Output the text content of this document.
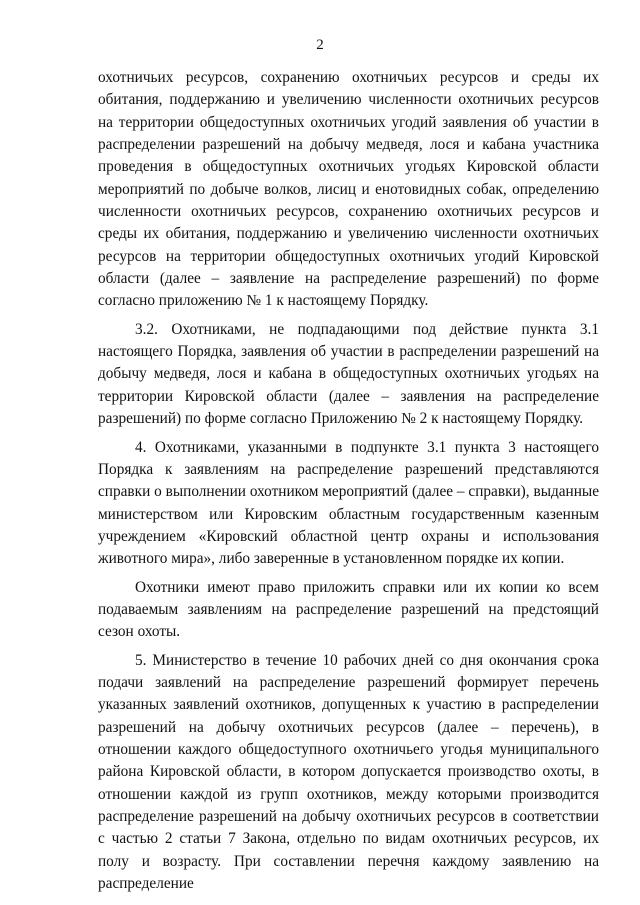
2

охотничьих ресурсов, сохранению охотничьих ресурсов и среды их обитания, поддержанию и увеличению численности охотничьих ресурсов на территории общедоступных охотничьих угодий заявления об участии в распределении разрешений на добычу медведя, лося и кабана участника проведения в общедоступных охотничьих угодьях Кировской области мероприятий по добыче волков, лисиц и енотовидных собак, определению численности охотничьих ресурсов, сохранению охотничьих ресурсов и среды их обитания, поддержанию и увеличению численности охотничьих ресурсов на территории общедоступных охотничьих угодий Кировской области (далее – заявление на распределение разрешений) по форме согласно приложению № 1 к настоящему Порядку.

3.2. Охотниками, не подпадающими под действие пункта 3.1 настоящего Порядка, заявления об участии в распределении разрешений на добычу медведя, лося и кабана в общедоступных охотничьих угодьях на территории Кировской области (далее – заявления на распределение разрешений) по форме согласно Приложению № 2 к настоящему Порядку.

4. Охотниками, указанными в подпункте 3.1 пункта 3 настоящего Порядка к заявлениям на распределение разрешений представляются справки о выполнении охотником мероприятий (далее – справки), выданные министерством или Кировским областным государственным казенным учреждением «Кировский областной центр охраны и использования животного мира», либо заверенные в установленном порядке их копии.

Охотники имеют право приложить справки или их копии ко всем подаваемым заявлениям на распределение разрешений на предстоящий сезон охоты.

5. Министерство в течение 10 рабочих дней со дня окончания срока подачи заявлений на распределение разрешений формирует перечень указанных заявлений охотников, допущенных к участию в распределении разрешений на добычу охотничьих ресурсов (далее – перечень), в отношении каждого общедоступного охотничьего угодья муниципального района Кировской области, в котором допускается производство охоты, в отношении каждой из групп охотников, между которыми производится распределение разрешений на добычу охотничьих ресурсов в соответствии с частью 2 статьи 7 Закона, отдельно по видам охотничьих ресурсов, их полу и возрасту. При составлении перечня каждому заявлению на распределение
